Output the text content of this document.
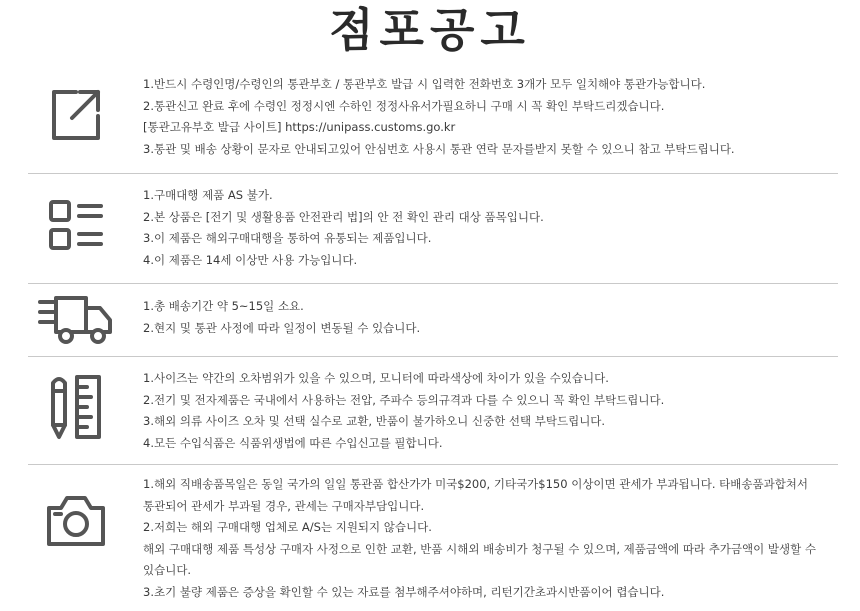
점포공고
1.반드시 수령인명/수령인의 통관부호 / 통관부호 발급 시 입력한 전화번호 3개가 모두 일치해야 통관가능합니다.
2.통관신고 완료 후에 수령인 정정시엔 수하인 정정사유서가필요하니 구매 시 꼭 확인 부탁드리겠습니다.
[통관고유부호 발급 사이트] https://unipass.customs.go.kr
3.통관 및 배송 상황이 문자로 안내되고있어 안심번호 사용시 통관 연락 문자를받지 못할 수 있으니 참고 부탁드립니다.
1.구매대행 제품 AS 불가.
2.본 상품은 [전기 및 생활용품 안전관리 법]의 안 전 확인 관리 대상 품목입니다.
3.이 제품은 해외구매대행을 통하여 유통되는 제품입니다.
4.이 제품은 14세 이상만 사용 가능입니다.
1.총 배송기간 약 5~15일 소요.
2.현지 및 통관 사정에 따라 일정이 변동될 수 있습니다.
1.사이즈는 약간의 오차범위가 있을 수 있으며, 모니터에 따라색상에 차이가 있을 수있습니다.
2.전기 및 전자제품은 국내에서 사용하는 전압, 주파수 등의규격과 다를 수 있으니 꼭 확인 부탁드립니다.
3.해외 의류 사이즈 오차 및 선택 실수로 교환, 반품이 불가하오니 신중한 선택 부탁드립니다.
4.모든 수입식품은 식품위생법에 따른 수입신고를 필합니다.
1.해외 직배송품목일은 동일 국가의 일일 통관품 합산가가 미국$200, 기타국가$150 이상이면 관세가 부과됩니다. 타배송품과합쳐서
통관되어 관세가 부과될 경우, 관세는 구매자부담입니다.
2.저희는 해외 구매대행 업체로 A/S는 지원되지 않습니다.
해외 구매대행 제품 특성상 구매자 사정으로 인한 교환, 반품 시해외 배송비가 청구될 수 있으며, 제품금액에 따라 추가금액이 발생할 수
있습니다.
3.초기 불량 제품은 증상을 확인할 수 있는 자료를 첨부해주셔야하며, 리턴기간초과시반품이어 렵습니다.
